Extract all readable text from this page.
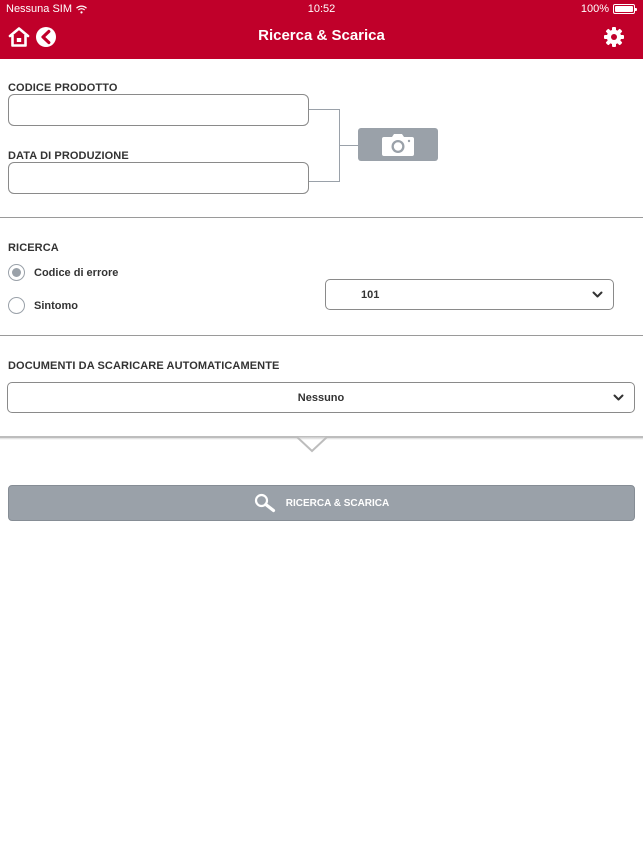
Nessuna SIM	10:52	100%
Ricerca & Scarica
CODICE PRODOTTO
DATA DI PRODUZIONE
RICERCA
Codice di errore
Sintomo
101
DOCUMENTI DA SCARICARE AUTOMATICAMENTE
Nessuno
RICERCA & SCARICA
